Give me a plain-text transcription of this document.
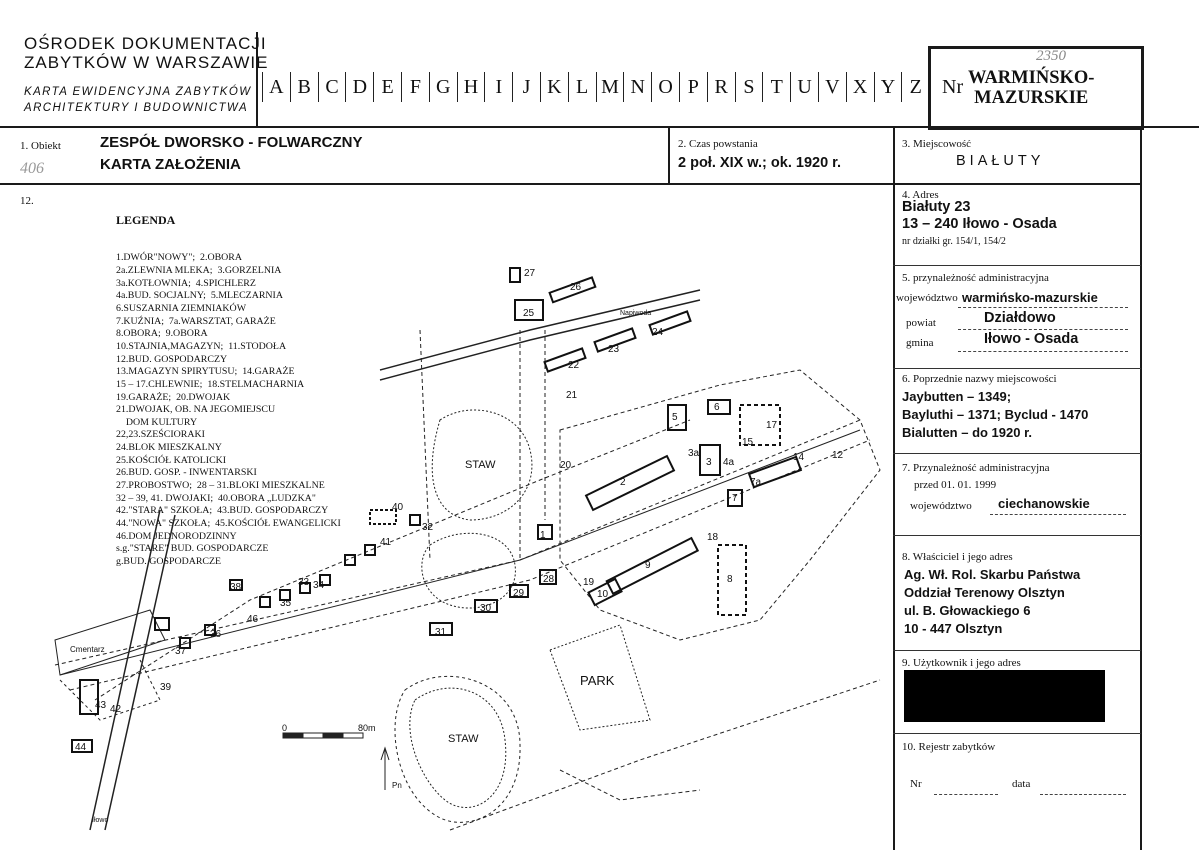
OŚRODEK DOKUMENTACJI
ZABYTKÓW W WARSZAWIE
KARTA EWIDENCYJNA ZABYTKÓW
ARCHITEKTURY I BUDOWNICTWA
A B C D E F G H I	J K L M N O P R S T U V X Y Z	Nr
2350
WARMIŃSKO-
MAZURSKIE
1. Obiekt
406
ZESPÓŁ DWORSKO - FOLWARCZNY
KARTA ZAŁOŻENIA
2. Czas powstania
2 poł. XIX w.; ok. 1920 r.
3. Miejscowość
BIAŁUTY
4. Adres
Białuty 23
13 – 240 Iłowo - Osada
nr działki gr. 154/1, 154/2
5. przynależność administracyjna
województwo warmińsko-mazurskie
powiat	Działdowo
gmina	Iłowo - Osada
6. Poprzednie nazwy miejscowości
Jaybutten – 1349;
Bayluthi – 1371; Byclud - 1470
Bialutten – do 1920 r.
7. Przynależność administracyjna
przed 01. 01. 1999
województwo ciechanowskie
8. Właściciel i jego adres
Ag. Wł. Rol. Skarbu Państwa
Oddział Terenowy Olsztyn
ul. B. Głowackiego 6
10 - 447 Olsztyn
9. Użytkownik i jego adres
10. Rejestr zabytków
Nr	data
12.

LEGENDA

1.DWÓR"NOWY";  2.OBORA
2a.ZLEWNIA MLEKA;  3.GORZELNIA
3a.KOTŁOWNIA;  4.SPICHLERZ
4a.BUD. SOCJALNY;  5.MLECZARNIA
6.SUSZARNIA ZIEMNIAKÓW
7.KUŹNIA;  7a.WARSZTAT, GARAŻE
8.OBORA;  9.OBORA
10.STAJNIA,MAGAZYN;  11.STODOŁA
12.BUD. GOSPODARCZY
13.MAGAZYN SPIRYTUSU;  14.GARAŻE
15 – 17.CHLEWNIE;  18.STELMACHARNIA
19.GARAŻE;  20.DWOJAK
21.DWOJAK, OB. NA JEGOMIEJSCU
DOM KULTURY
22,23.SZEŚCIORAKI
24.BLOK MIESZKALNY
25.KOŚCIÓŁ KATOLICKI
26.BUD. GOSP. - INWENTARSKI
27.PROBOSTWO;  28 – 31.BLOKI MIESZKALNE
32 – 39, 41. DWOJAKI;  40.OBORA „LUDZKA"
42."STARA" SZKOŁA;  43.BUD. GOSPODARCZY
44."NOWA" SZKOŁA;  45.KOŚCIÓŁ EWANGELICKI
46.DOM JEDNORODZINNY
s.g."STARE" BUD. GOSPODARCZE
g.BUD. GOSPODARCZE

2
9
10
8
3
5
6
15
17
7
14	12
18
1
25
27
26
22
23
24
21
20
28
29
30
31
40
32
42
43
44
39
37
36
38
35
34
46
33
41
19
4a
3a
7a
STAW
PARK
STAW
Cmentarz
0	80m
Pn
Napiwoda
Iłowo
